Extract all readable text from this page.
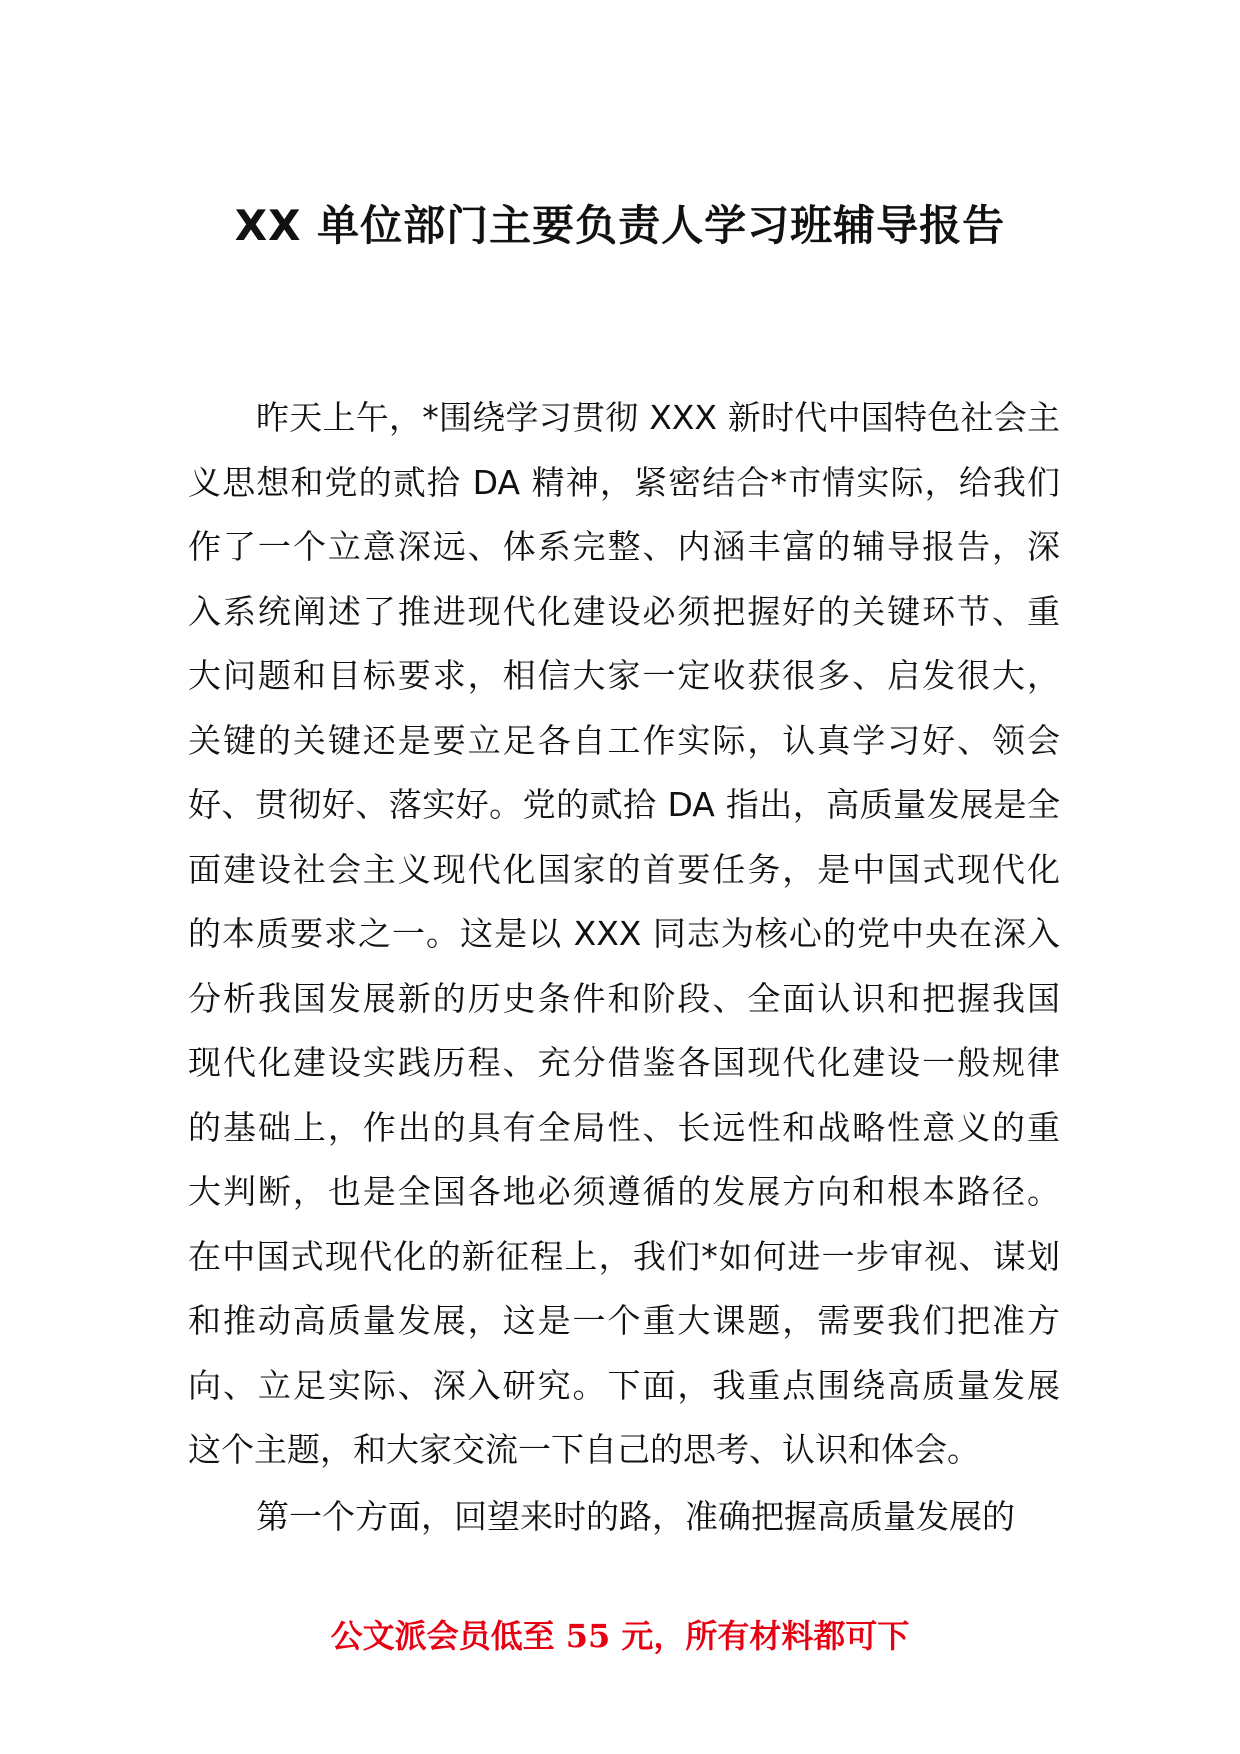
XX 单位部门主要负责人学习班辅导报告
昨天上午，*围绕学习贯彻 XXX 新时代中国特色社会主
义思想和党的贰拾 DA 精神，紧密结合*市情实际，给我们
作了一个立意深远、体系完整、内涵丰富的辅导报告，深
入系统阐述了推进现代化建设必须把握好的关键环节、重
大问题和目标要求，相信大家一定收获很多、启发很大，
关键的关键还是要立足各自工作实际，认真学习好、领会
好、贯彻好、落实好。党的贰拾 DA 指出，高质量发展是全
面建设社会主义现代化国家的首要任务，是中国式现代化
的本质要求之一。这是以 XXX 同志为核心的党中央在深入
分析我国发展新的历史条件和阶段、全面认识和把握我国
现代化建设实践历程、充分借鉴各国现代化建设一般规律
的基础上，作出的具有全局性、长远性和战略性意义的重
大判断，也是全国各地必须遵循的发展方向和根本路径。
在中国式现代化的新征程上，我们*如何进一步审视、谋划
和推动高质量发展，这是一个重大课题，需要我们把准方
向、立足实际、深入研究。下面，我重点围绕高质量发展
这个主题，和大家交流一下自己的思考、认识和体会。
第一个方面，回望来时的路，准确把握高质量发展的
公文派会员低至 55 元，所有材料都可下
